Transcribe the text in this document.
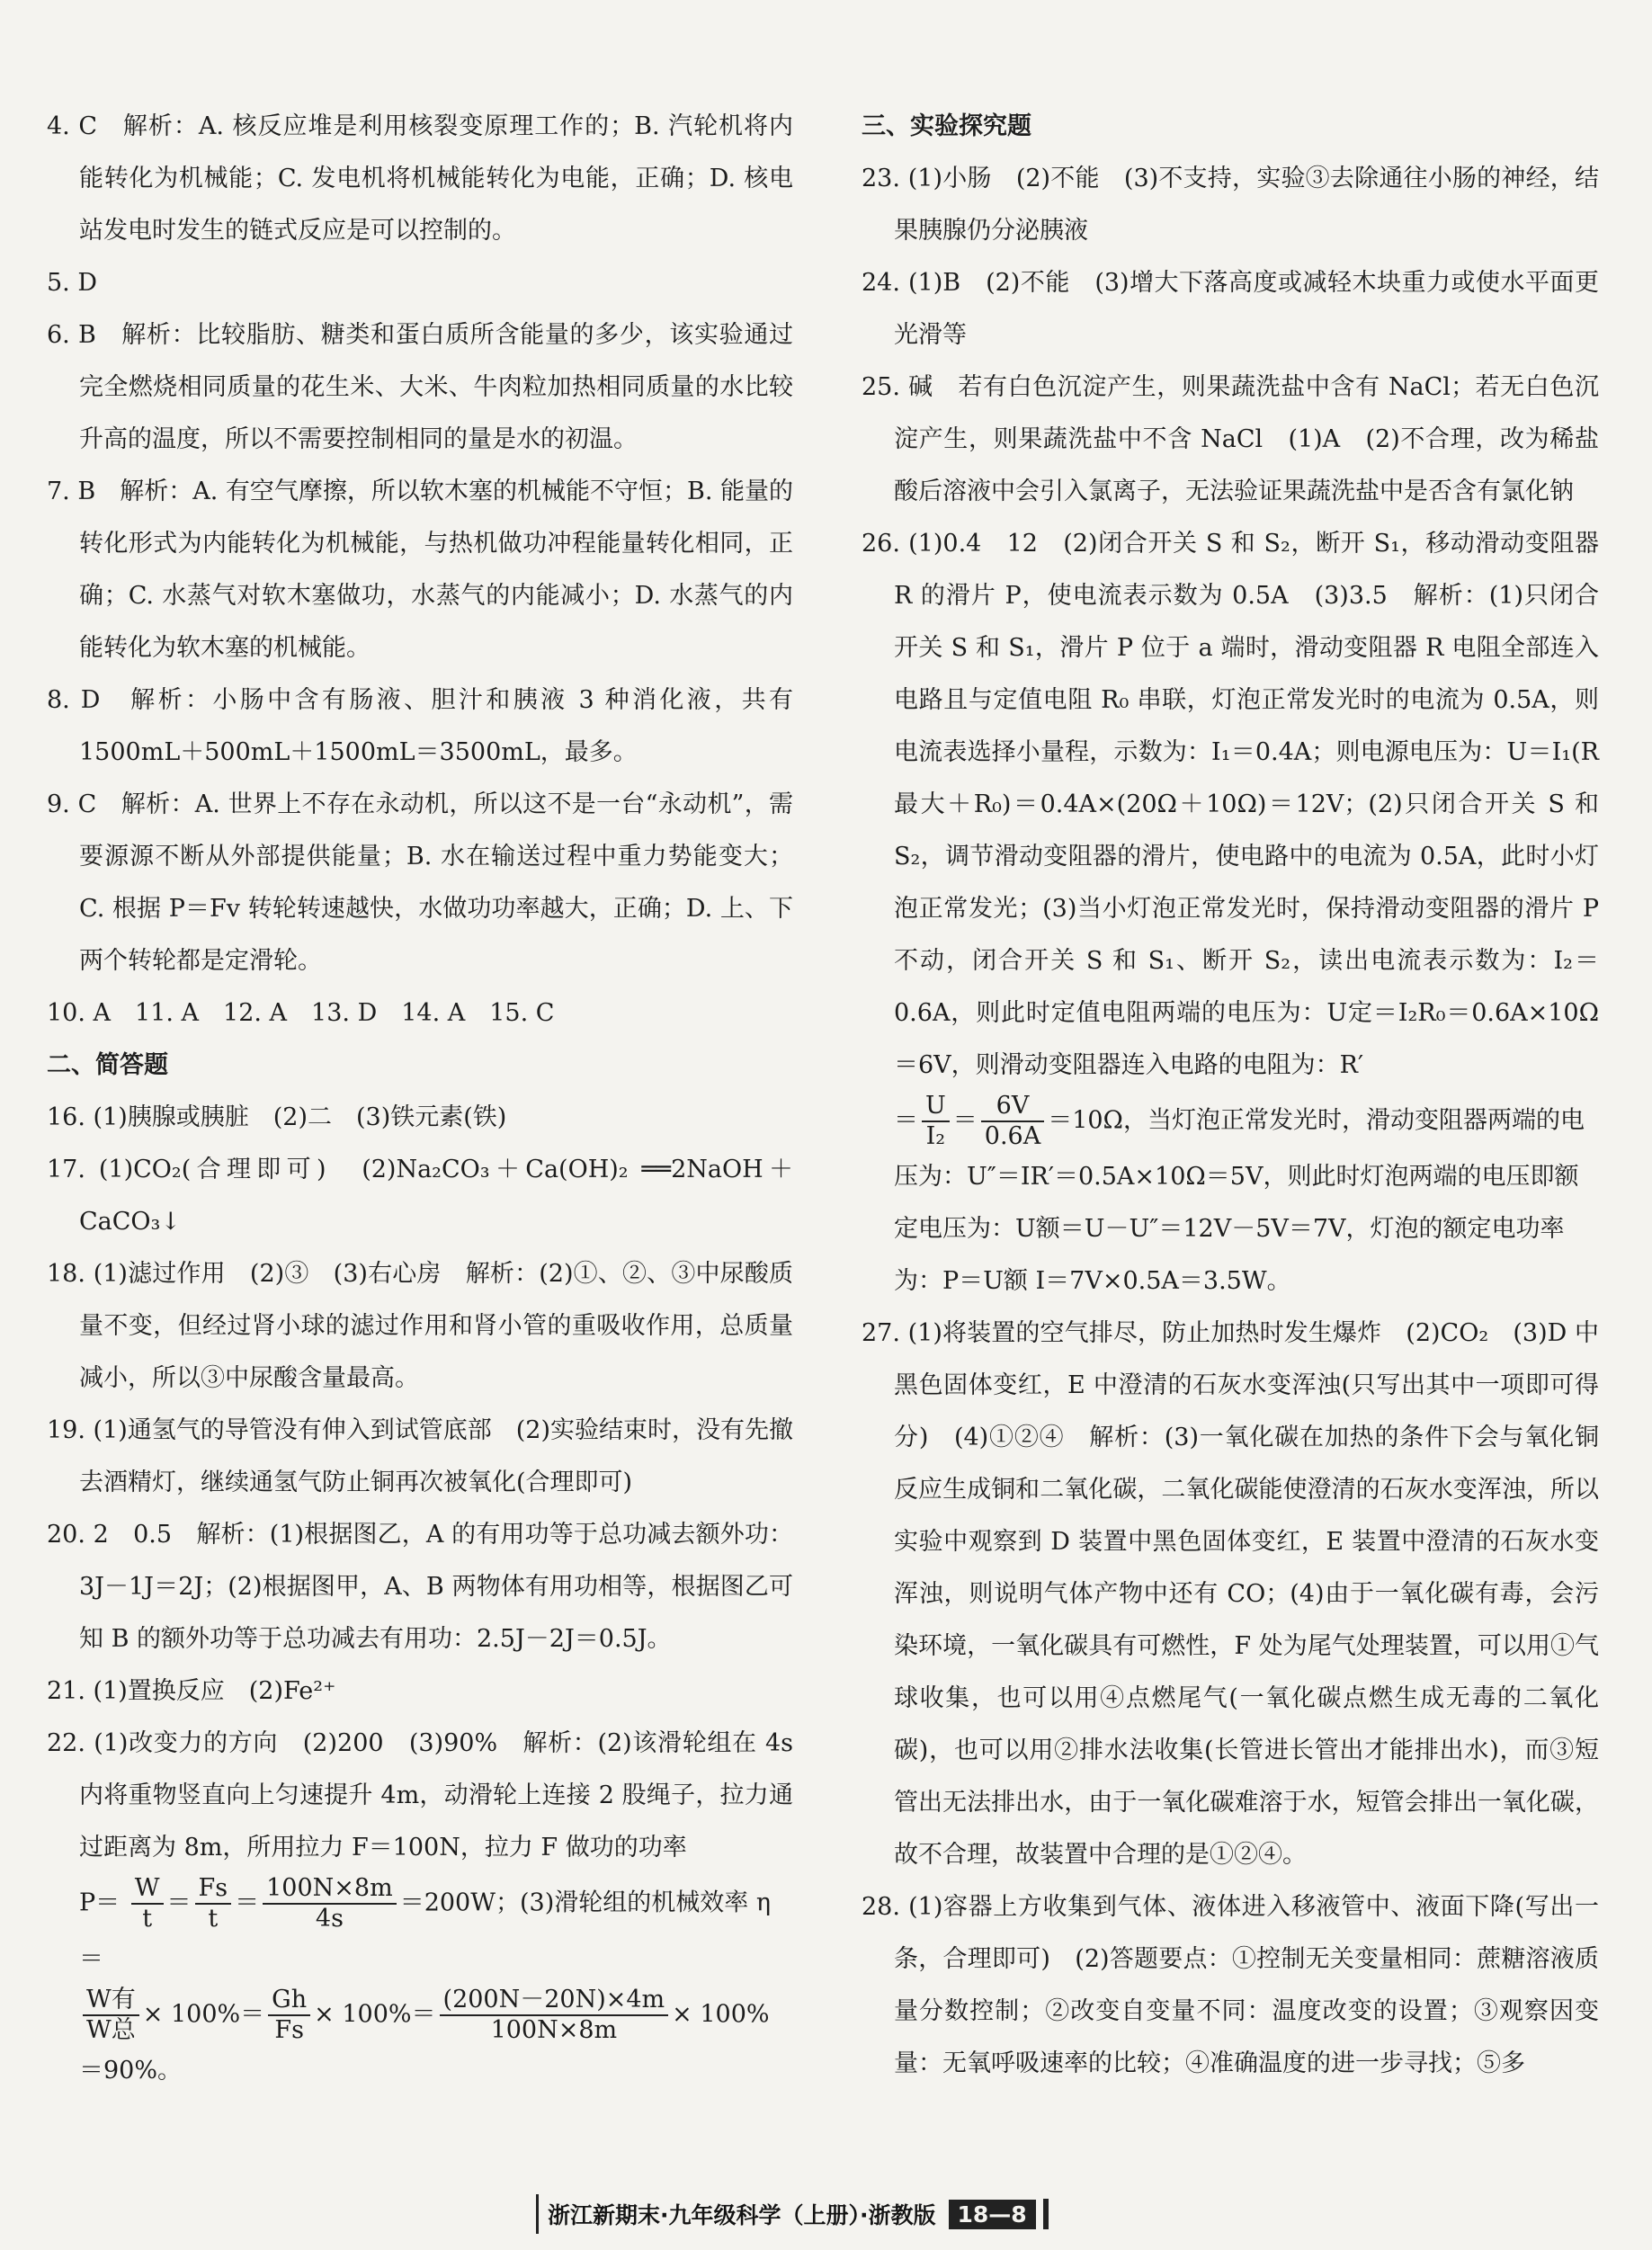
4. C　解析：A. 核反应堆是利用核裂变原理工作的；B. 汽轮机将内能转化为机械能；C. 发电机将机械能转化为电能，正确；D. 核电站发电时发生的链式反应是可以控制的。
5. D
6. B　解析：比较脂肪、糖类和蛋白质所含能量的多少，该实验通过完全燃烧相同质量的花生米、大米、牛肉粒加热相同质量的水比较升高的温度，所以不需要控制相同的量是水的初温。
7. B　解析：A. 有空气摩擦，所以软木塞的机械能不守恒；B. 能量的转化形式为内能转化为机械能，与热机做功冲程能量转化相同，正确；C. 水蒸气对软木塞做功，水蒸气的内能减小；D. 水蒸气的内能转化为软木塞的机械能。
8. D　解析：小肠中含有肠液、胆汁和胰液 3 种消化液，共有 1500mL＋500mL＋1500mL＝3500mL，最多。
9. C　解析：A. 世界上不存在永动机，所以这不是一台“永动机”，需要源源不断从外部提供能量；B. 水在输送过程中重力势能变大；C. 根据 P＝Fv 转轮转速越快，水做功功率越大，正确；D. 上、下两个转轮都是定滑轮。
10. A　11. A　12. A　13. D　14. A　15. C
二、简答题
16. (1)胰腺或胰脏　(2)二　(3)铁元素(铁)
17. (1)CO₂(合理即可)　(2)Na₂CO₃＋Ca(OH)₂ ══2NaOH＋CaCO₃↓
18. (1)滤过作用　(2)③　(3)右心房　解析：(2)①、②、③中尿酸质量不变，但经过肾小球的滤过作用和肾小管的重吸收作用，总质量减小，所以③中尿酸含量最高。
19. (1)通氢气的导管没有伸入到试管底部　(2)实验结束时，没有先撤去酒精灯，继续通氢气防止铜再次被氧化(合理即可)
20. 2　0.5　解析：(1)根据图乙，A 的有用功等于总功减去额外功：3J－1J＝2J；(2)根据图甲，A、B 两物体有用功相等，根据图乙可知 B 的额外功等于总功减去有用功：2.5J－2J＝0.5J。
21. (1)置换反应　(2)Fe²⁺
22. (1)改变力的方向　(2)200　(3)90%　解析：(2)该滑轮组在 4s 内将重物竖直向上匀速提升 4m，动滑轮上连接 2 股绳子，拉力通过距离为 8m，所用拉力 F＝100N，拉力 F 做功的功率
$P= \frac{W}{t} = \frac{Fs}{t} = \frac{100N\times 8m}{4s} =200W$；(3)滑轮组的机械效率 η＝
$\frac{\text{W有}}{\text{W总}} \times 100\%= \frac{Gh}{Fs} \times 100\%= \frac{(200N-20N)\times 4m}{100N\times 8m} \times 100\%$
＝90%。
三、实验探究题
23. (1)小肠　(2)不能　(3)不支持，实验③去除通往小肠的神经，结果胰腺仍分泌胰液
24. (1)B　(2)不能　(3)增大下落高度或减轻木块重力或使水平面更光滑等
25. 碱　若有白色沉淀产生，则果蔬洗盐中含有 NaCl；若无白色沉淀产生，则果蔬洗盐中不含 NaCl　(1)A　(2)不合理，改为稀盐酸后溶液中会引入氯离子，无法验证果蔬洗盐中是否含有氯化钠
26. (1)0.4　12　(2)闭合开关 S 和 S₂，断开 S₁，移动滑动变阻器 R 的滑片 P，使电流表示数为 0.5A　(3)3.5　解析：(1)只闭合开关 S 和 S₁，滑片 P 位于 a 端时，滑动变阻器 R 电阻全部连入电路且与定值电阻 R₀ 串联，灯泡正常发光时的电流为 0.5A，则电流表选择小量程，示数为：I₁＝0.4A；则电源电压为：U＝I₁(R最大＋R₀)＝0.4A×(20Ω＋10Ω)＝12V；(2)只闭合开关 S 和 S₂，调节滑动变阻器的滑片，使电路中的电流为 0.5A，此时小灯泡正常发光；(3)当小灯泡正常发光时，保持滑动变阻器的滑片 P 不动，闭合开关 S 和 S₁、断开 S₂，读出电流表示数为：I₂＝0.6A，则此时定值电阻两端的电压为：U定＝I₂R₀＝0.6A×10Ω＝6V，则滑动变阻器连入电路的电阻为：R′
＝ $\frac{U}{\text{I₂}} = \frac{6V}{0.6A} =10\Omega$，当灯泡正常发光时，滑动变阻器两端的电
压为：U″＝IR′＝0.5A×10Ω＝5V，则此时灯泡两端的电压即额定电压为：U额＝U－U″＝12V－5V＝7V，灯泡的额定电功率为：P＝U额 I＝7V×0.5A＝3.5W。
27. (1)将装置的空气排尽，防止加热时发生爆炸　(2)CO₂　(3)D 中黑色固体变红，E 中澄清的石灰水变浑浊(只写出其中一项即可得分)　(4)①②④　解析：(3)一氧化碳在加热的条件下会与氧化铜反应生成铜和二氧化碳，二氧化碳能使澄清的石灰水变浑浊，所以实验中观察到 D 装置中黑色固体变红，E 装置中澄清的石灰水变浑浊，则说明气体产物中还有 CO；(4)由于一氧化碳有毒，会污染环境，一氧化碳具有可燃性，F 处为尾气处理装置，可以用①气球收集，也可以用④点燃尾气(一氧化碳点燃生成无毒的二氧化碳)，也可以用②排水法收集(长管进长管出才能排出水)，而③短管出无法排出水，由于一氧化碳难溶于水，短管会排出一氧化碳，故不合理，故装置中合理的是①②④。
28. (1)容器上方收集到气体、液体进入移液管中、液面下降(写出一条，合理即可)　(2)答题要点：①控制无关变量相同：蔗糖溶液质量分数控制；②改变自变量不同：温度改变的设置；③观察因变量：无氧呼吸速率的比较；④准确温度的进一步寻找；⑤多
浙江新期末·九年级科学（上册）·浙教版 18—8
